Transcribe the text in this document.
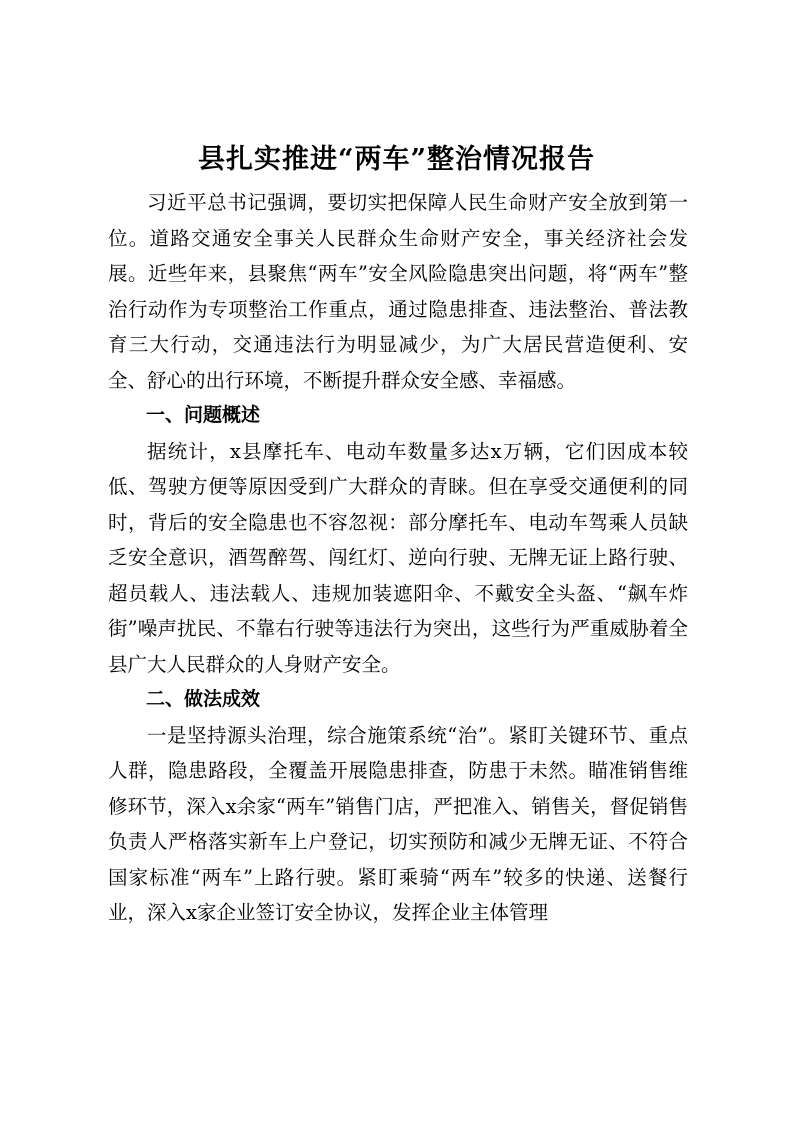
县扎实推进“两车”整治情况报告

习近平总书记强调，要切实把保障人民生命财产安全放到第一位。道路交通安全事关人民群众生命财产安全，事关经济社会发展。近些年来，县聚焦“两车”安全风险隐患突出问题，将“两车”整治行动作为专项整治工作重点，通过隐患排查、违法整治、普法教育三大行动，交通违法行为明显减少，为广大居民营造便利、安全、舒心的出行环境，不断提升群众安全感、幸福感。

一、问题概述

据统计，x县摩托车、电动车数量多达x万辆，它们因成本较低、驾驶方便等原因受到广大群众的青睐。但在享受交通便利的同时，背后的安全隐患也不容忽视：部分摩托车、电动车驾乘人员缺乏安全意识，酒驾醉驾、闯红灯、逆向行驶、无牌无证上路行驶、超员载人、违法载人、违规加装遮阳伞、不戴安全头盔、“飙车炸街”噪声扰民、不靠右行驶等违法行为突出，这些行为严重威胁着全县广大人民群众的人身财产安全。

二、做法成效

一是坚持源头治理，综合施策系统“治”。紧盯关键环节、重点人群，隐患路段，全覆盖开展隐患排查，防患于未然。瞄准销售维修环节，深入x余家“两车”销售门店，严把准入、销售关，督促销售负责人严格落实新车上户登记，切实预防和减少无牌无证、不符合国家标准“两车”上路行驶。紧盯乘骑“两车”较多的快递、送餐行业，深入x家企业签订安全协议，发挥企业主体管理
